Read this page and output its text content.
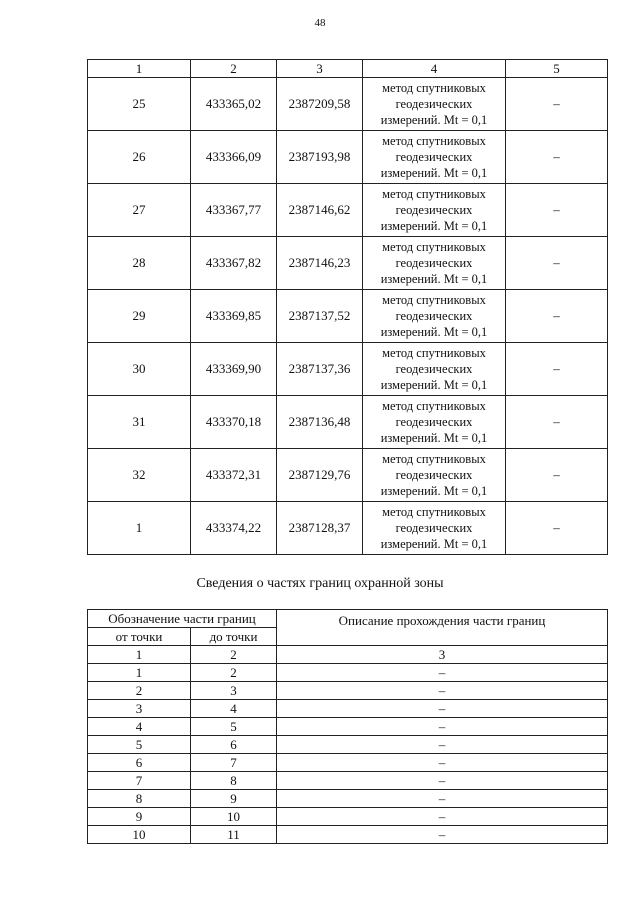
48
1	2	3	4	5
25	433365,02	2387209,58	метод спутниковых
геодезических
измерений. Mt = 0,1	–
26	433366,09	2387193,98	метод спутниковых
геодезических
измерений. Mt = 0,1	–
27	433367,77	2387146,62	метод спутниковых
геодезических
измерений. Mt = 0,1	–
28	433367,82	2387146,23	метод спутниковых
геодезических
измерений. Mt = 0,1	–
29	433369,85	2387137,52	метод спутниковых
геодезических
измерений. Mt = 0,1	–
30	433369,90	2387137,36	метод спутниковых
геодезических
измерений. Mt = 0,1	–
31	433370,18	2387136,48	метод спутниковых
геодезических
измерений. Mt = 0,1	–
32	433372,31	2387129,76	метод спутниковых
геодезических
измерений. Mt = 0,1	–
1	433374,22	2387128,37	метод спутниковых
геодезических
измерений. Mt = 0,1	–
Сведения о частях границ охранной зоны
Обозначение части границ		Описание прохождения части границ
от точки	до точки	
1	2	3
1	2	–
2	3	–
3	4	–
4	5	–
5	6	–
6	7	–
7	8	–
8	9	–
9	10	–
10	11	–
